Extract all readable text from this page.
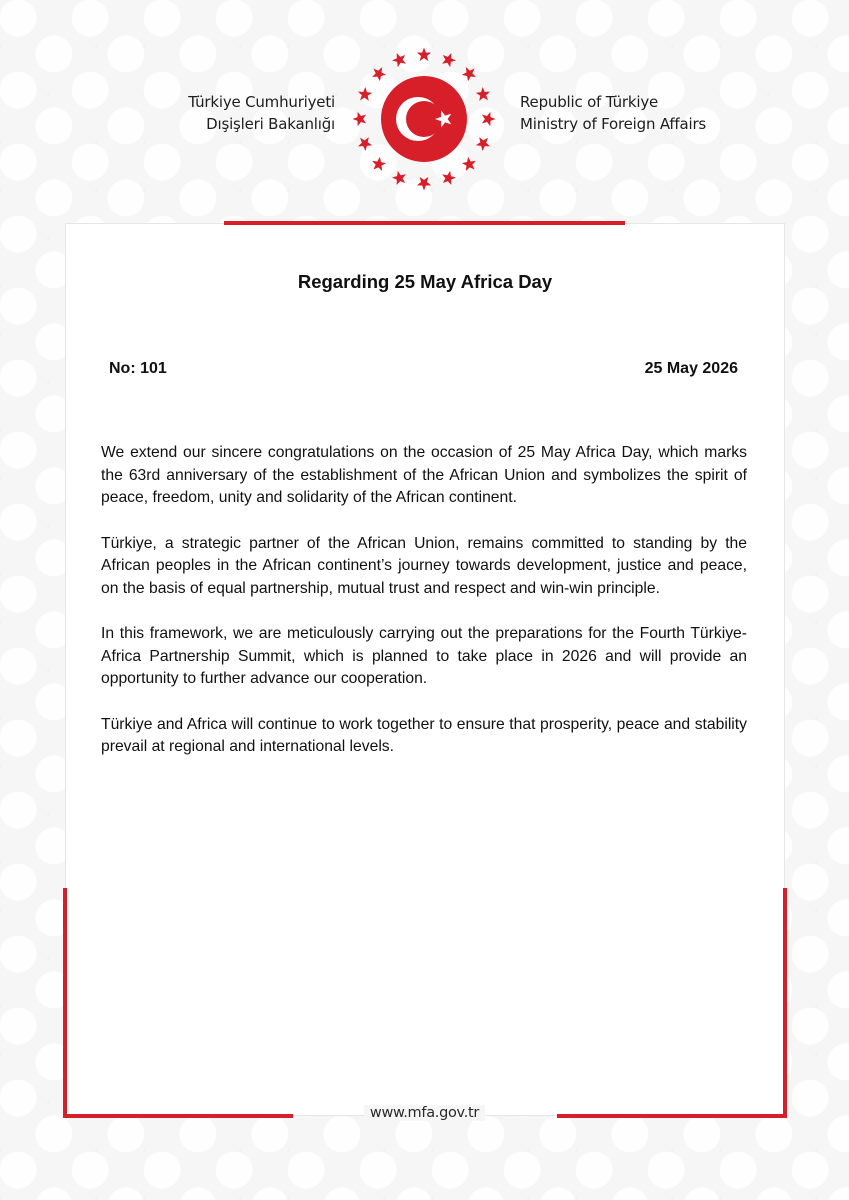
Türkiye Cumhuriyeti
Dışişleri Bakanlığı
Republic of Türkiye
Ministry of Foreign Affairs
Regarding 25 May Africa Day
No: 101	25 May 2026

We extend our sincere congratulations on the occasion of 25 May Africa Day, which marks the 63rd anniversary of the establishment of the African Union and symbolizes the spirit of peace, freedom, unity and solidarity of the African continent.

Türkiye, a strategic partner of the African Union, remains committed to standing by the African peoples in the African continent’s journey towards development, justice and peace, on the basis of equal partnership, mutual trust and respect and win-win principle.

In this framework, we are meticulously carrying out the preparations for the Fourth Türkiye-Africa Partnership Summit, which is planned to take place in 2026 and will provide an opportunity to further advance our cooperation.

Türkiye and Africa will continue to work together to ensure that prosperity, peace and stability prevail at regional and international levels.

www.mfa.gov.tr
